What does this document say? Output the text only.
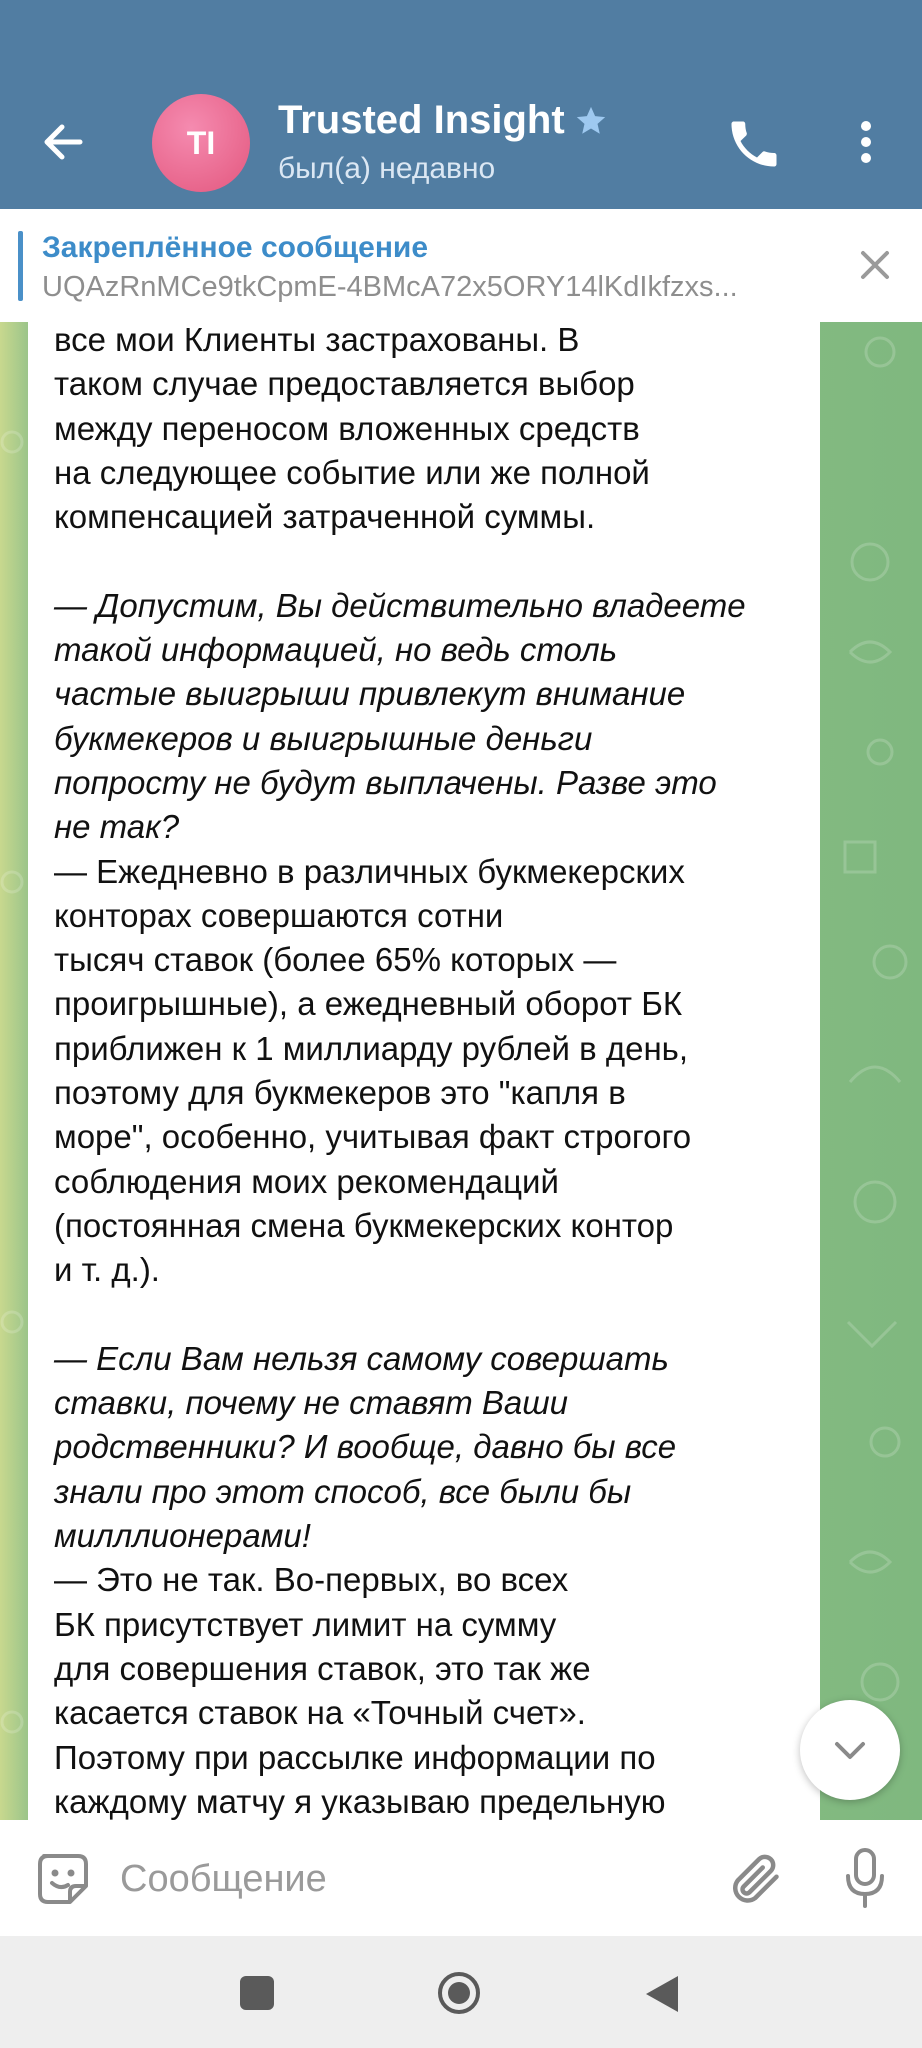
TI
Trusted Insight
был(а) недавно
Закреплённое сообщение
UQAzRnMCe9tkCpmE-4BMcA72x5ORY14lKdIkfzxs...
все мои Клиенты застрахованы. В
таком случае предоставляется выбор
между переносом вложенных средств
на следующее событие или же полной
компенсацией затраченной суммы.
— Допустим, Вы действительно владеете
такой информацией, но ведь столь
частые выигрыши привлекут внимание
букмекеров и выигрышные деньги
попросту не будут выплачены. Разве это
не так?
— Ежедневно в различных букмекерских
конторах совершаются сотни
тысяч ставок (более 65% которых —
проигрышные), а ежедневный оборот БК
приближен к 1 миллиарду рублей в день,
поэтому для букмекеров это "капля в
море", особенно, учитывая факт строгого
соблюдения моих рекомендаций
(постоянная смена букмекерских контор
и т. д.).
— Если Вам нельзя самому совершать
ставки, почему не ставят Ваши
родственники? И вообще, давно бы все
знали про этот способ, все были бы
милллионерами!
— Это не так. Во-первых, во всех
БК присутствует лимит на сумму
для совершения ставок, это так же
касается ставок на «Точный счет».
Поэтому при рассылке информации по
каждому матчу я указываю предельную
Сообщение
